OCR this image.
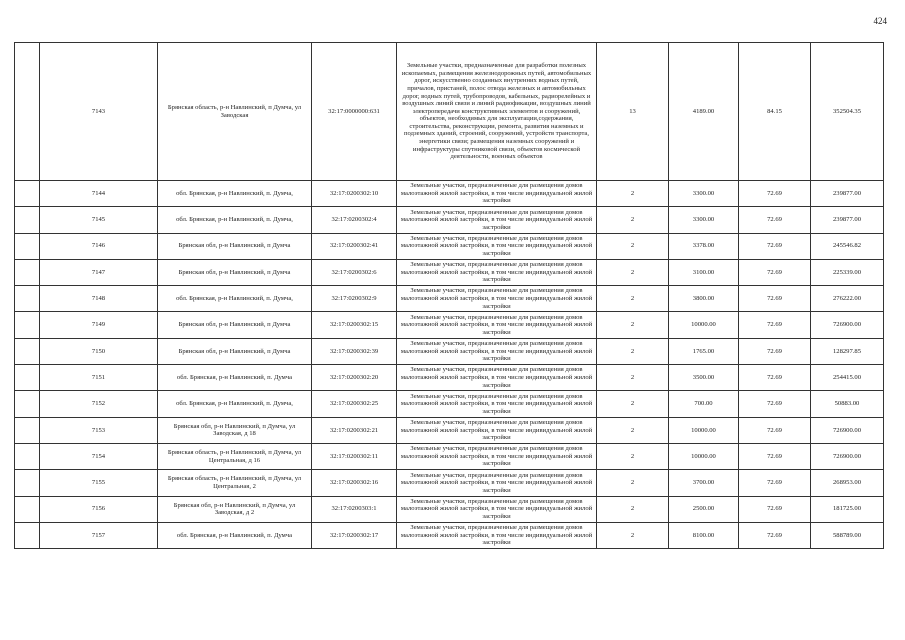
424
	7143	Брянская область, р-н Навлинский, п Думча, ул Заводская	32:17:0000000:631	Земельные участки, предназначенные для разработки полезных ископаемых, размещения железнодорожных путей, автомобильных дорог, искусственно созданных внутренних водных путей, причалов, пристаней, полос отвода железных и автомобильных дорог, водных путей, трубопроводов, кабельных, радиорелейных и воздушных линий связи и линий радиофикации, воздушных линий электропередачи конструктивных элементов и сооружений, объектов, необходимых для эксплуатации,содержания, строительства, реконструкции, ремонта, развития наземных и подземных зданий, строений, сооружений, устройств транспорта, энергетики связи; размещения наземных сооружений и инфраструктуры спутниковой связи, объектов космической деятельности, военных объектов	13	4189.00	84.15	352504.35
	7144	обл. Брянская, р-н Навлинский, п. Думча,	32:17:0200302:10	Земельные участки, предназначенные для размещения домов малоэтажной жилой застройки, в том числе индивидуальной жилой застройки	2	3300.00	72.69	239877.00
	7145	обл. Брянская, р-н Навлинский, п. Думча,	32:17:0200302:4	Земельные участки, предназначенные для размещения домов малоэтажной жилой застройки, в том числе индивидуальной жилой застройки	2	3300.00	72.69	239877.00
	7146	Брянская обл, р-н Навлинский, п Думча	32:17:0200302:41	Земельные участки, предназначенные для размещения домов малоэтажной жилой застройки, в том числе индивидуальной жилой застройки	2	3378.00	72.69	245546.82
	7147	Брянская обл, р-н Навлинский, п Думча	32:17:0200302:6	Земельные участки, предназначенные для размещения домов малоэтажной жилой застройки, в том числе индивидуальной жилой застройки	2	3100.00	72.69	225339.00
	7148	обл. Брянская, р-н Навлинский, п. Думча,	32:17:0200302:9	Земельные участки, предназначенные для размещения домов малоэтажной жилой застройки, в том числе индивидуальной жилой застройки	2	3800.00	72.69	276222.00
	7149	Брянская обл, р-н Навлинский, п Думча	32:17:0200302:15	Земельные участки, предназначенные для размещения домов малоэтажной жилой застройки, в том числе индивидуальной жилой застройки	2	10000.00	72.69	726900.00
	7150	Брянская обл, р-н Навлинский, п Думча	32:17:0200302:39	Земельные участки, предназначенные для размещения домов малоэтажной жилой застройки, в том числе индивидуальной жилой застройки	2	1765.00	72.69	128297.85
	7151	обл. Брянская, р-н Навлинский, п. Думча	32:17:0200302:20	Земельные участки, предназначенные для размещения домов малоэтажной жилой застройки, в том числе индивидуальной жилой застройки	2	3500.00	72.69	254415.00
	7152	обл. Брянская, р-н Навлинский, п. Думча,	32:17:0200302:25	Земельные участки, предназначенные для размещения домов малоэтажной жилой застройки, в том числе индивидуальной жилой застройки	2	700.00	72.69	50883.00
	7153	Брянская обл, р-н Навлинский, п Думча, ул Заводская, д 18	32:17:0200302:21	Земельные участки, предназначенные для размещения домов малоэтажной жилой застройки, в том числе индивидуальной жилой застройки	2	10000.00	72.69	726900.00
	7154	Брянская область, р-н Навлинский, п Думча, ул Центральная, д 16	32:17:0200302:11	Земельные участки, предназначенные для размещения домов малоэтажной жилой застройки, в том числе индивидуальной жилой застройки	2	10000.00	72.69	726900.00
	7155	Брянская область, р-н Навлинский, п Думча, ул Центральная, 2	32:17:0200302:16	Земельные участки, предназначенные для размещения домов малоэтажной жилой застройки, в том числе индивидуальной жилой застройки	2	3700.00	72.69	268953.00
	7156	Брянская обл, р-н Навлинский, п Думча, ул Заводская, д 2	32:17:0200303:1	Земельные участки, предназначенные для размещения домов малоэтажной жилой застройки, в том числе индивидуальной жилой застройки	2	2500.00	72.69	181725.00
	7157	обл. Брянская, р-н Навлинский, п. Думча	32:17:0200302:17	Земельные участки, предназначенные для размещения домов малоэтажной жилой застройки, в том числе индивидуальной жилой застройки	2	8100.00	72.69	588789.00
